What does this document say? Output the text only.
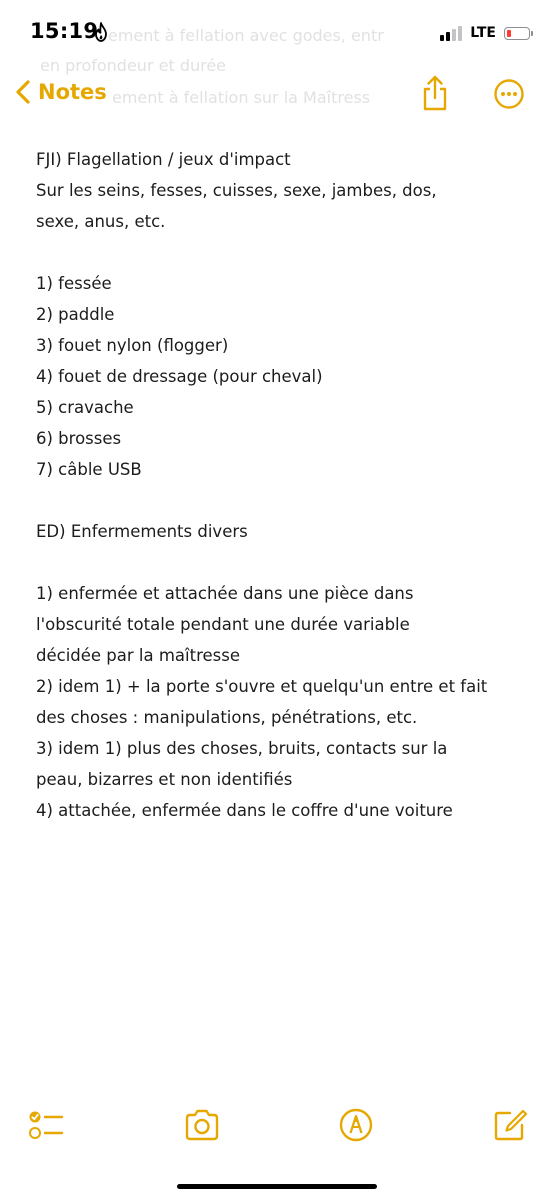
15:19	LTE
ement à fellation avec godes, entr
en profondeur et durée
ement à fellation sur la Maîtress
Notes
FJI) Flagellation / jeux d'impact
Sur les seins, fesses, cuisses, sexe, jambes, dos,
sexe, anus, etc.
1) fessée
2) paddle
3) fouet nylon (flogger)
4) fouet de dressage (pour cheval)
5) cravache
6) brosses
7) câble USB
ED) Enfermements divers
1) enfermée et attachée dans une pièce dans
l'obscurité totale pendant une durée variable
décidée par la maîtresse
2) idem 1) + la porte s'ouvre et quelqu'un entre et fait
des choses : manipulations, pénétrations, etc.
3) idem 1) plus des choses, bruits, contacts sur la
peau, bizarres et non identifiés
4) attachée, enfermée dans le coffre d'une voiture
